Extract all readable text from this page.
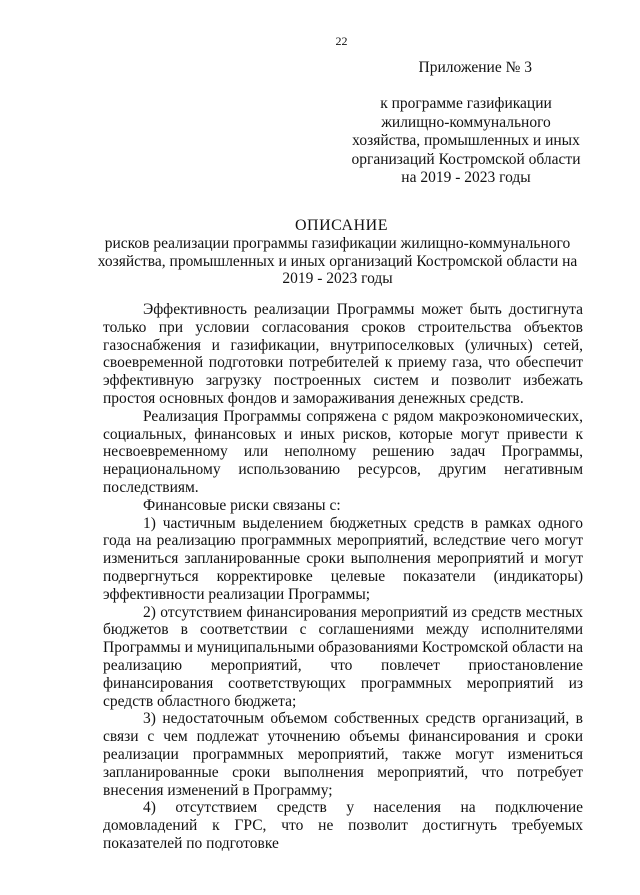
22
Приложение № 3
к программе газификации
жилищно-коммунального
хозяйства, промышленных и иных
организаций Костромской области
на 2019 - 2023 годы
ОПИСАНИЕ
рисков реализации программы газификации жилищно-коммунального хозяйства, промышленных и иных организаций Костромской области на 2019 - 2023 годы

Эффективность реализации Программы может быть достигнута только при условии согласования сроков строительства объектов газоснабжения и газификации, внутрипоселковых (уличных) сетей, своевременной подготовки потребителей к приему газа, что обеспечит эффективную загрузку построенных систем и позволит избежать простоя основных фондов и замораживания денежных средств.

Реализация Программы сопряжена с рядом макроэкономических, социальных, финансовых и иных рисков, которые могут привести к несвоевременному или неполному решению задач Программы, нерациональному использованию ресурсов, другим негативным последствиям.

Финансовые риски связаны с:

1) частичным выделением бюджетных средств в рамках одного года на реализацию программных мероприятий, вследствие чего могут измениться запланированные сроки выполнения мероприятий и могут подвергнуться корректировке целевые показатели (индикаторы) эффективности реализации Программы;

2) отсутствием финансирования мероприятий из средств местных бюджетов в соответствии с соглашениями между исполнителями Программы и муниципальными образованиями Костромской области на реализацию мероприятий, что повлечет приостановление финансирования соответствующих программных мероприятий из средств областного бюджета;

3) недостаточным объемом собственных средств организаций, в связи с чем подлежат уточнению объемы финансирования и сроки реализации программных мероприятий, также могут измениться запланированные сроки выполнения мероприятий, что потребует внесения изменений в Программу;

4) отсутствием средств у населения на подключение домовладений к ГРС, что не позволит достигнуть требуемых показателей по подготовке
